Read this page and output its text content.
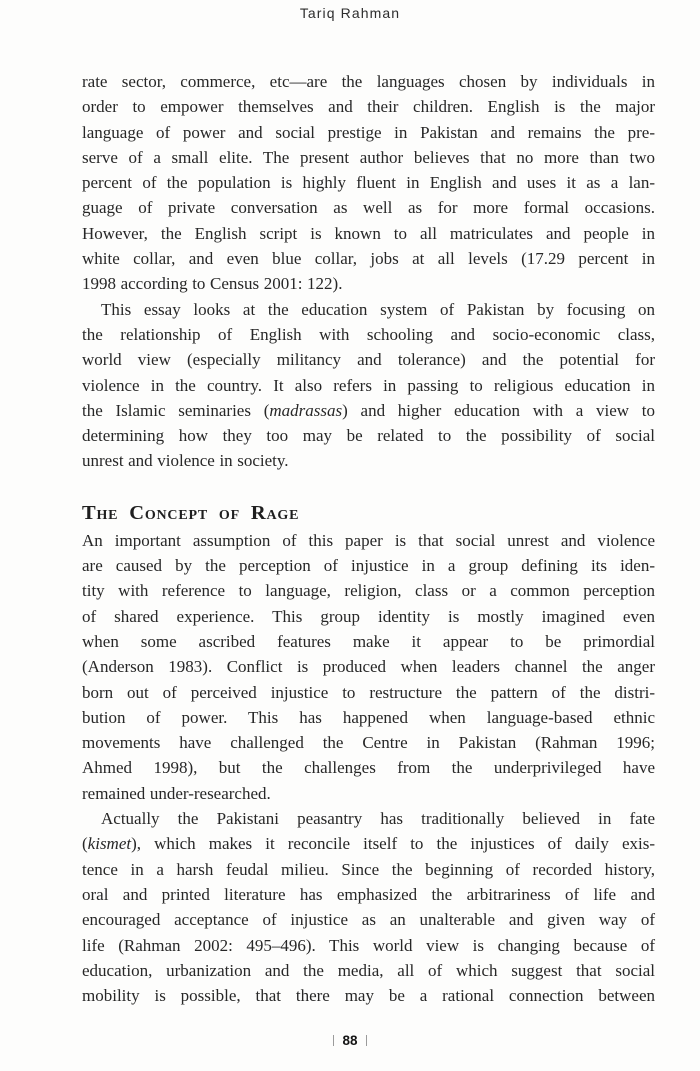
Tariq Rahman
rate sector, commerce, etc—are the languages chosen by individuals in
order to empower themselves and their children. English is the major
language of power and social prestige in Pakistan and remains the pre-
serve of a small elite. The present author believes that no more than two
percent of the population is highly fluent in English and uses it as a lan-
guage of private conversation as well as for more formal occasions.
However, the English script is known to all matriculates and people in
white collar, and even blue collar, jobs at all levels (17.29 percent in
1998 according to Census 2001: 122).
This essay looks at the education system of Pakistan by focusing on
the relationship of English with schooling and socio-economic class,
world view (especially militancy and tolerance) and the potential for
violence in the country. It also refers in passing to religious education in
the Islamic seminaries (madrassas) and higher education with a view to
determining how they too may be related to the possibility of social
unrest and violence in society.
The Concept of Rage
An important assumption of this paper is that social unrest and violence
are caused by the perception of injustice in a group defining its iden-
tity with reference to language, religion, class or a common perception
of shared experience. This group identity is mostly imagined even
when some ascribed features make it appear to be primordial
(Anderson 1983). Conflict is produced when leaders channel the anger
born out of perceived injustice to restructure the pattern of the distri-
bution of power. This has happened when language-based ethnic
movements have challenged the Centre in Pakistan (Rahman 1996;
Ahmed 1998), but the challenges from the underprivileged have
remained under-researched.
Actually the Pakistani peasantry has traditionally believed in fate
(kismet), which makes it reconcile itself to the injustices of daily exis-
tence in a harsh feudal milieu. Since the beginning of recorded history,
oral and printed literature has emphasized the arbitrariness of life and
encouraged acceptance of injustice as an unalterable and given way of
life (Rahman 2002: 495–496). This world view is changing because of
education, urbanization and the media, all of which suggest that social
mobility is possible, that there may be a rational connection between
88
